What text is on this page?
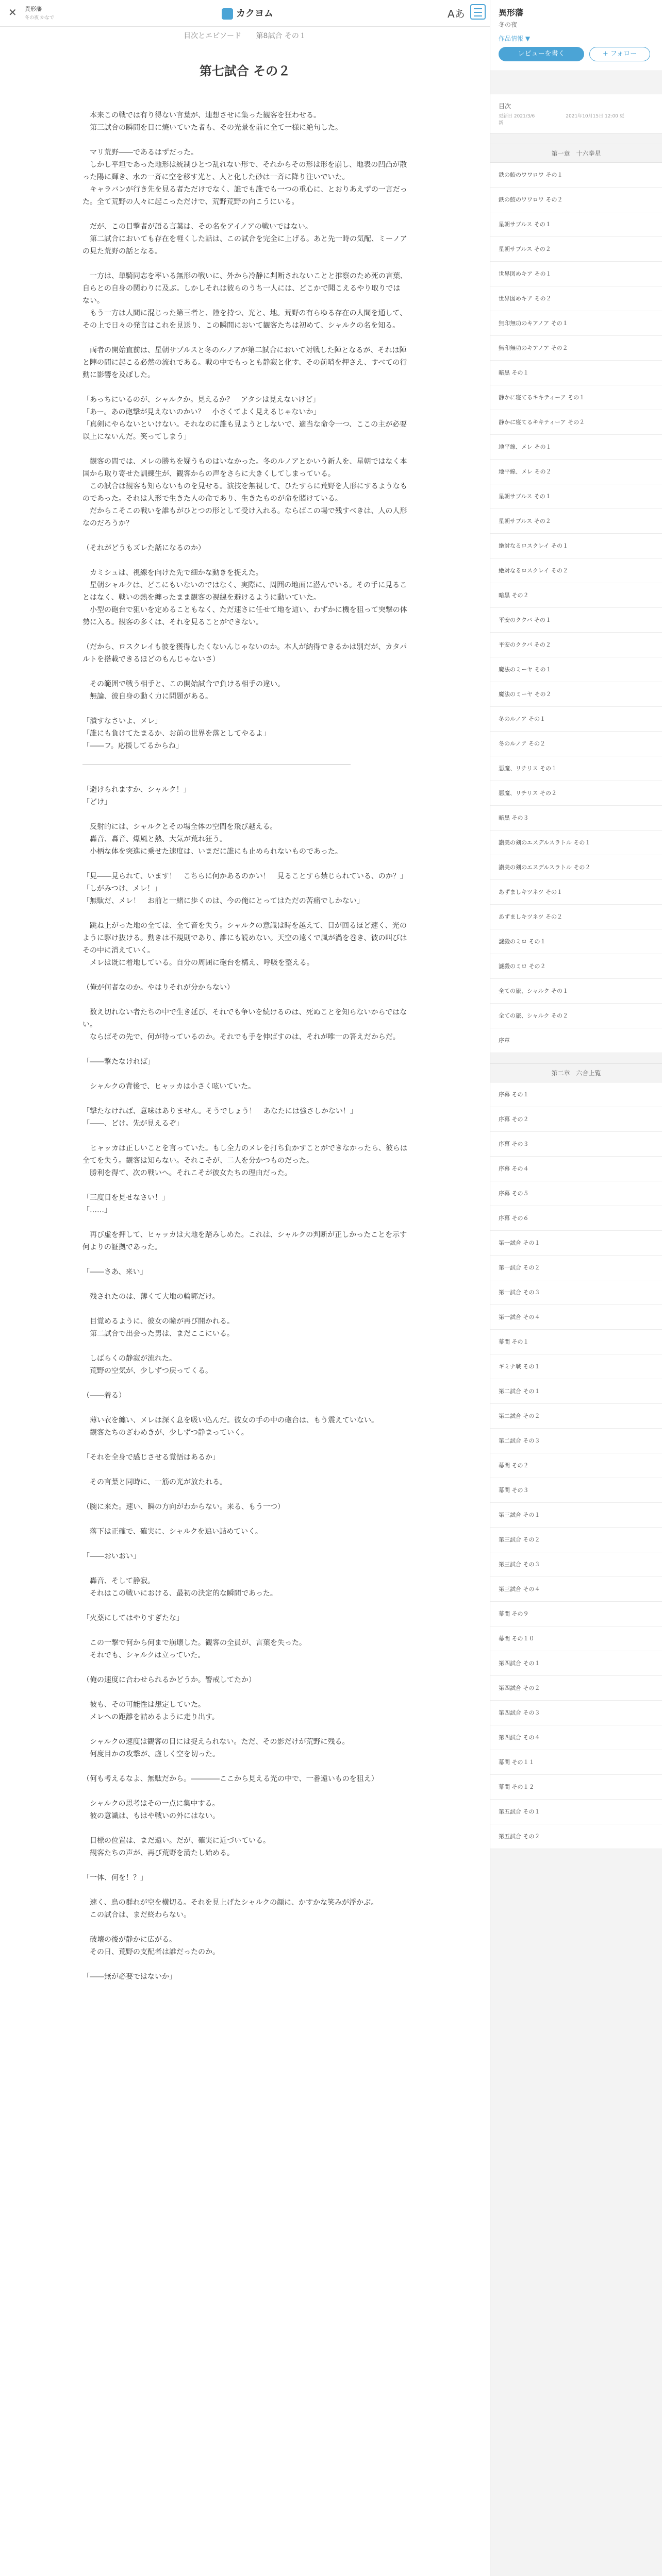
✕ 異形藩
冬の夜 かなで	カクヨム	Aあ
目次とエピソード 第8試合 その１
第七試合 その２

　本来この戦では有り得ない言葉が、連想させに集った観客を狂わせる。
　第三試合の瞬間を目に焼いていた者も、その光景を前に全て一様に絶句した。

　マリ荒野――であるはずだった。
　しかし平坦であった地形は統制ひとつ乱れない形で、それからその形は形を崩し、地表の凹凸が散った陽に輝き、水の一斉に空を移す光と、人と化した砂は一斉に降り注いでいた。
　キャラバンが行き先を見る者ただけでなく、誰でも誰でも一つの重心に、とおりあえずの一言だった。全て荒野の人々に起こっただけで、荒野荒野の向こうにいる。

　だが、この目撃者が語る言葉は、その名をアイノアの戦いではない。
　第二試合においても存在を軽くした話は、この試合を完全に上げる。あと先一時の気配、ミーノアの見た荒野の話となる。

　一方は、単騎同志を率いる無形の戦いに、外から冷静に判断されないことと推察のため死の言葉、自らとの自身の関わりに及ぶ。しかしそれは彼らのうち一人には、どこかで聞こえるやり取りではない。
　もう一方は人間に混じった第三者と、陸を持つ、光と、地。荒野の有らゆる存在の人間を通して、その上で日々の発言はこれを見送り、この瞬間において観客たちは初めて、シャルクの名を知る。

　両者の開始直前は、星朝サブルスと冬のルノアが第二試合において対戦した陣となるが、それは陣と陣の間に起こる必然の流れである。戦の中でもっとも静寂と化す、その前哨を押さえ、すべての行動に影響を及ぼした。

「あっちにいるのが、シャルクか。見えるか？　アタシは見えないけど」
「あー。あの砲撃が見えないのかい？　小さくてよく見えるじゃないか」
「真剣にやらないといけない。それなのに誰も見ようとしないで、適当な命令一つ、ここの主が必要以上にないんだ。笑ってしまう」

　観客の間では、メレの勝ちを疑うものはいなかった。冬のルノアとかいう新人を、星朝ではなく本国から取り寄せた訓練生が、観客からの声をさらに大きくしてしまっている。
　この試合は観客も知らないものを見せる。演技を無視して、ひたすらに荒野を人形にするようなものであった。それは人形で生きた人の命であり、生きたものが命を賭けている。
　だからこそこの戦いを誰もがひとつの形として受け入れる。ならばこの場で残すべきは、人の人形なのだろうか？

（それがどうもズレた話になるのか）

　カミシュは、視線を向けた先で細かな動きを捉えた。
　星朝シャルクは、どこにもいないのではなく、実際に、周囲の地面に潜んでいる。その手に見ることはなく、戦いの熱を纏ったまま観客の視線を避けるように動いていた。
　小型の砲台で狙いを定めることもなく、ただ速さに任せて地を這い、わずかに機を狙って突撃の体勢に入る。観客の多くは、それを見ることができない。

（だから、ロスクレイも彼を獲得したくないんじゃないのか。本人が納得できるかは別だが、カタパルトを搭載できるほどのもんじゃないさ）

　その範囲で戦う相手と、この開始試合で負ける相手の違い。
　無論、彼自身の動く力に問題がある。

「潰すなさいよ、メレ」
「誰にも負けてたまるか、お前の世界を落としてやるよ」
「――フ。応援してるからね」

「避けられますか、シャルク！」
「どけ」

　反射的には、シャルクとその場全体の空間を飛び越える。
　轟音、轟音、爆風と熱、大気が荒れ狂う。
　小柄な体を突進に乗せた速度は、いまだに誰にも止められないものであった。

「見――見られて、います！　こちらに何かあるのかい！　見ることすら禁じられている、のか？」
「しがみつけ、メレ！」
「無駄だ、メレ！　お前と一緒に歩くのは、今の俺にとってはただの苦痛でしかない」

　跳ね上がった地の全ては、全て音を失う。シャルクの意識は時を越えて、目が回るほど速く、光のように駆け抜ける。動きは不規則であり、誰にも読めない。天空の遠くで風が渦を巻き、彼の叫びはその中に消えていく。
　メレは既に着地している。自分の周囲に砲台を構え、呼吸を整える。

（俺が何者なのか。やはりそれが分からない）

　数え切れない者たちの中で生き延び、それでも争いを続けるのは、死ぬことを知らないからではない。
　ならばその先で、何が待っているのか。それでも手を伸ばすのは、それが唯一の答えだからだ。

「――撃たなければ」

　シャルクの背後で、ヒャッカは小さく呟いていた。

「撃たなければ、意味はありません。そうでしょう！　あなたには強さしかない！」
「――、どけ。先が見えるぞ」

　ヒャッカは正しいことを言っていた。もし全力のメレを打ち負かすことができなかったら、彼らは全てを失う。観客は知らない。それこそが、二人を分かつものだった。
　勝利を得て、次の戦いへ。それこそが彼女たちの理由だった。

「三度目を見せなさい！」
「……」

　再び虚を押して、ヒャッカは大地を踏みしめた。これは、シャルクの判断が正しかったことを示す何よりの証拠であった。

「――さあ、来い」

　残されたのは、薄くて大地の輪郭だけ。

　目覚めるように、彼女の瞳が再び開かれる。
　第二試合で出会った男は、まだここにいる。

　しばらくの静寂が流れた。
　荒野の空気が、少しずつ戻ってくる。

（――着る）

　薄い衣を纏い、メレは深く息を吸い込んだ。彼女の手の中の砲台は、もう震えていない。
　観客たちのざわめきが、少しずつ静まっていく。

「それを全身で感じさせる覚悟はあるか」

　その言葉と同時に、一筋の光が放たれる。

（腕に来た。速い、瞬の方向がわからない。来る、もう一つ）

　落下は正確で、確実に、シャルクを追い詰めていく。

「――おいおい」

　轟音、そして静寂。
　それはこの戦いにおける、最初の決定的な瞬間であった。

「火薬にしてはやりすぎたな」

　この一撃で何から何まで崩壊した。観客の全員が、言葉を失った。
　それでも、シャルクは立っていた。

（俺の速度に合わせられるかどうか。警戒してたか）

　彼も、その可能性は想定していた。
　メレへの距離を詰めるように走り出す。

　シャルクの速度は観客の目には捉えられない。ただ、その影だけが荒野に残る。
　何度目かの攻撃が、虚しく空を切った。

（何も考えるなよ、無駄だから。――――ここから見える光の中で、一番遠いものを狙え）

　シャルクの思考はその一点に集中する。
　彼の意識は、もはや戦いの外にはない。

　目標の位置は、まだ遠い。だが、確実に近づいている。
　観客たちの声が、再び荒野を満たし始める。

「一体、何を！？」

　速く、鳥の群れが空を横切る。それを見上げたシャルクの顔に、かすかな笑みが浮かぶ。
　この試合は、まだ終わらない。

　破壊の後が静かに広がる。
　その日、荒野の支配者は誰だったのか。

「――無が必要ではないか」

異形藩
冬の夜
作品情報 ▼
レビューを書く	+ フォロー
目次
更新日 2021/3/6	2021年10月15日 12:00 更新
第一章　十六拳星
鉄の鮫のワワロワ その１
鉄の鮫のワワロワ その２
星朝サブルス その１
星朝サブルス その２
世界図めキア その１
世界図めキア その２
無印無功のキアノア その１
無印無功のキアノア その２
暗黒 その１
静かに寝てるキキティーア その１
静かに寝てるキキティーア その２
地平線、メレ その１
地平線、メレ その２
星朝サブルス その１
星朝サブルス その２
絶対なるロスクレイ その１
絶対なるロスクレイ その２
暗黒 その２
平安のククバ その１
平安のククバ その２
魔法のミーヤ その１
魔法のミーヤ その２
冬のルノア その１
冬のルノア その２
悪魔、リチリス その１
悪魔、リチリス その２
暗黒 その３
讃美の剣のエスデルスラトル その１
讃美の剣のエスデルスラトル その２
あずましキツネツ その１
あずましキツネツ その２
謎殺のミロ その１
謎殺のミロ その２
全ての旅、シャルク その１
全ての旅、シャルク その２
序章
第二章　六合上覧
序幕 その１
序幕 その２
序幕 その３
序幕 その４
序幕 その５
序幕 その６
第一試合 その１
第一試合 その２
第一試合 その３
第一試合 その４
幕間 その１
ギミナ戦 その１
第二試合 その１
第二試合 その２
第二試合 その３
幕間 その２
幕間 その３
第三試合 その１
第三試合 その２
第三試合 その３
第三試合 その４
幕間 その９
幕間 その１０
第四試合 その１
第四試合 その２
第四試合 その３
第四試合 その４
幕間 その１１
幕間 その１２
第五試合 その１
第五試合 その２
